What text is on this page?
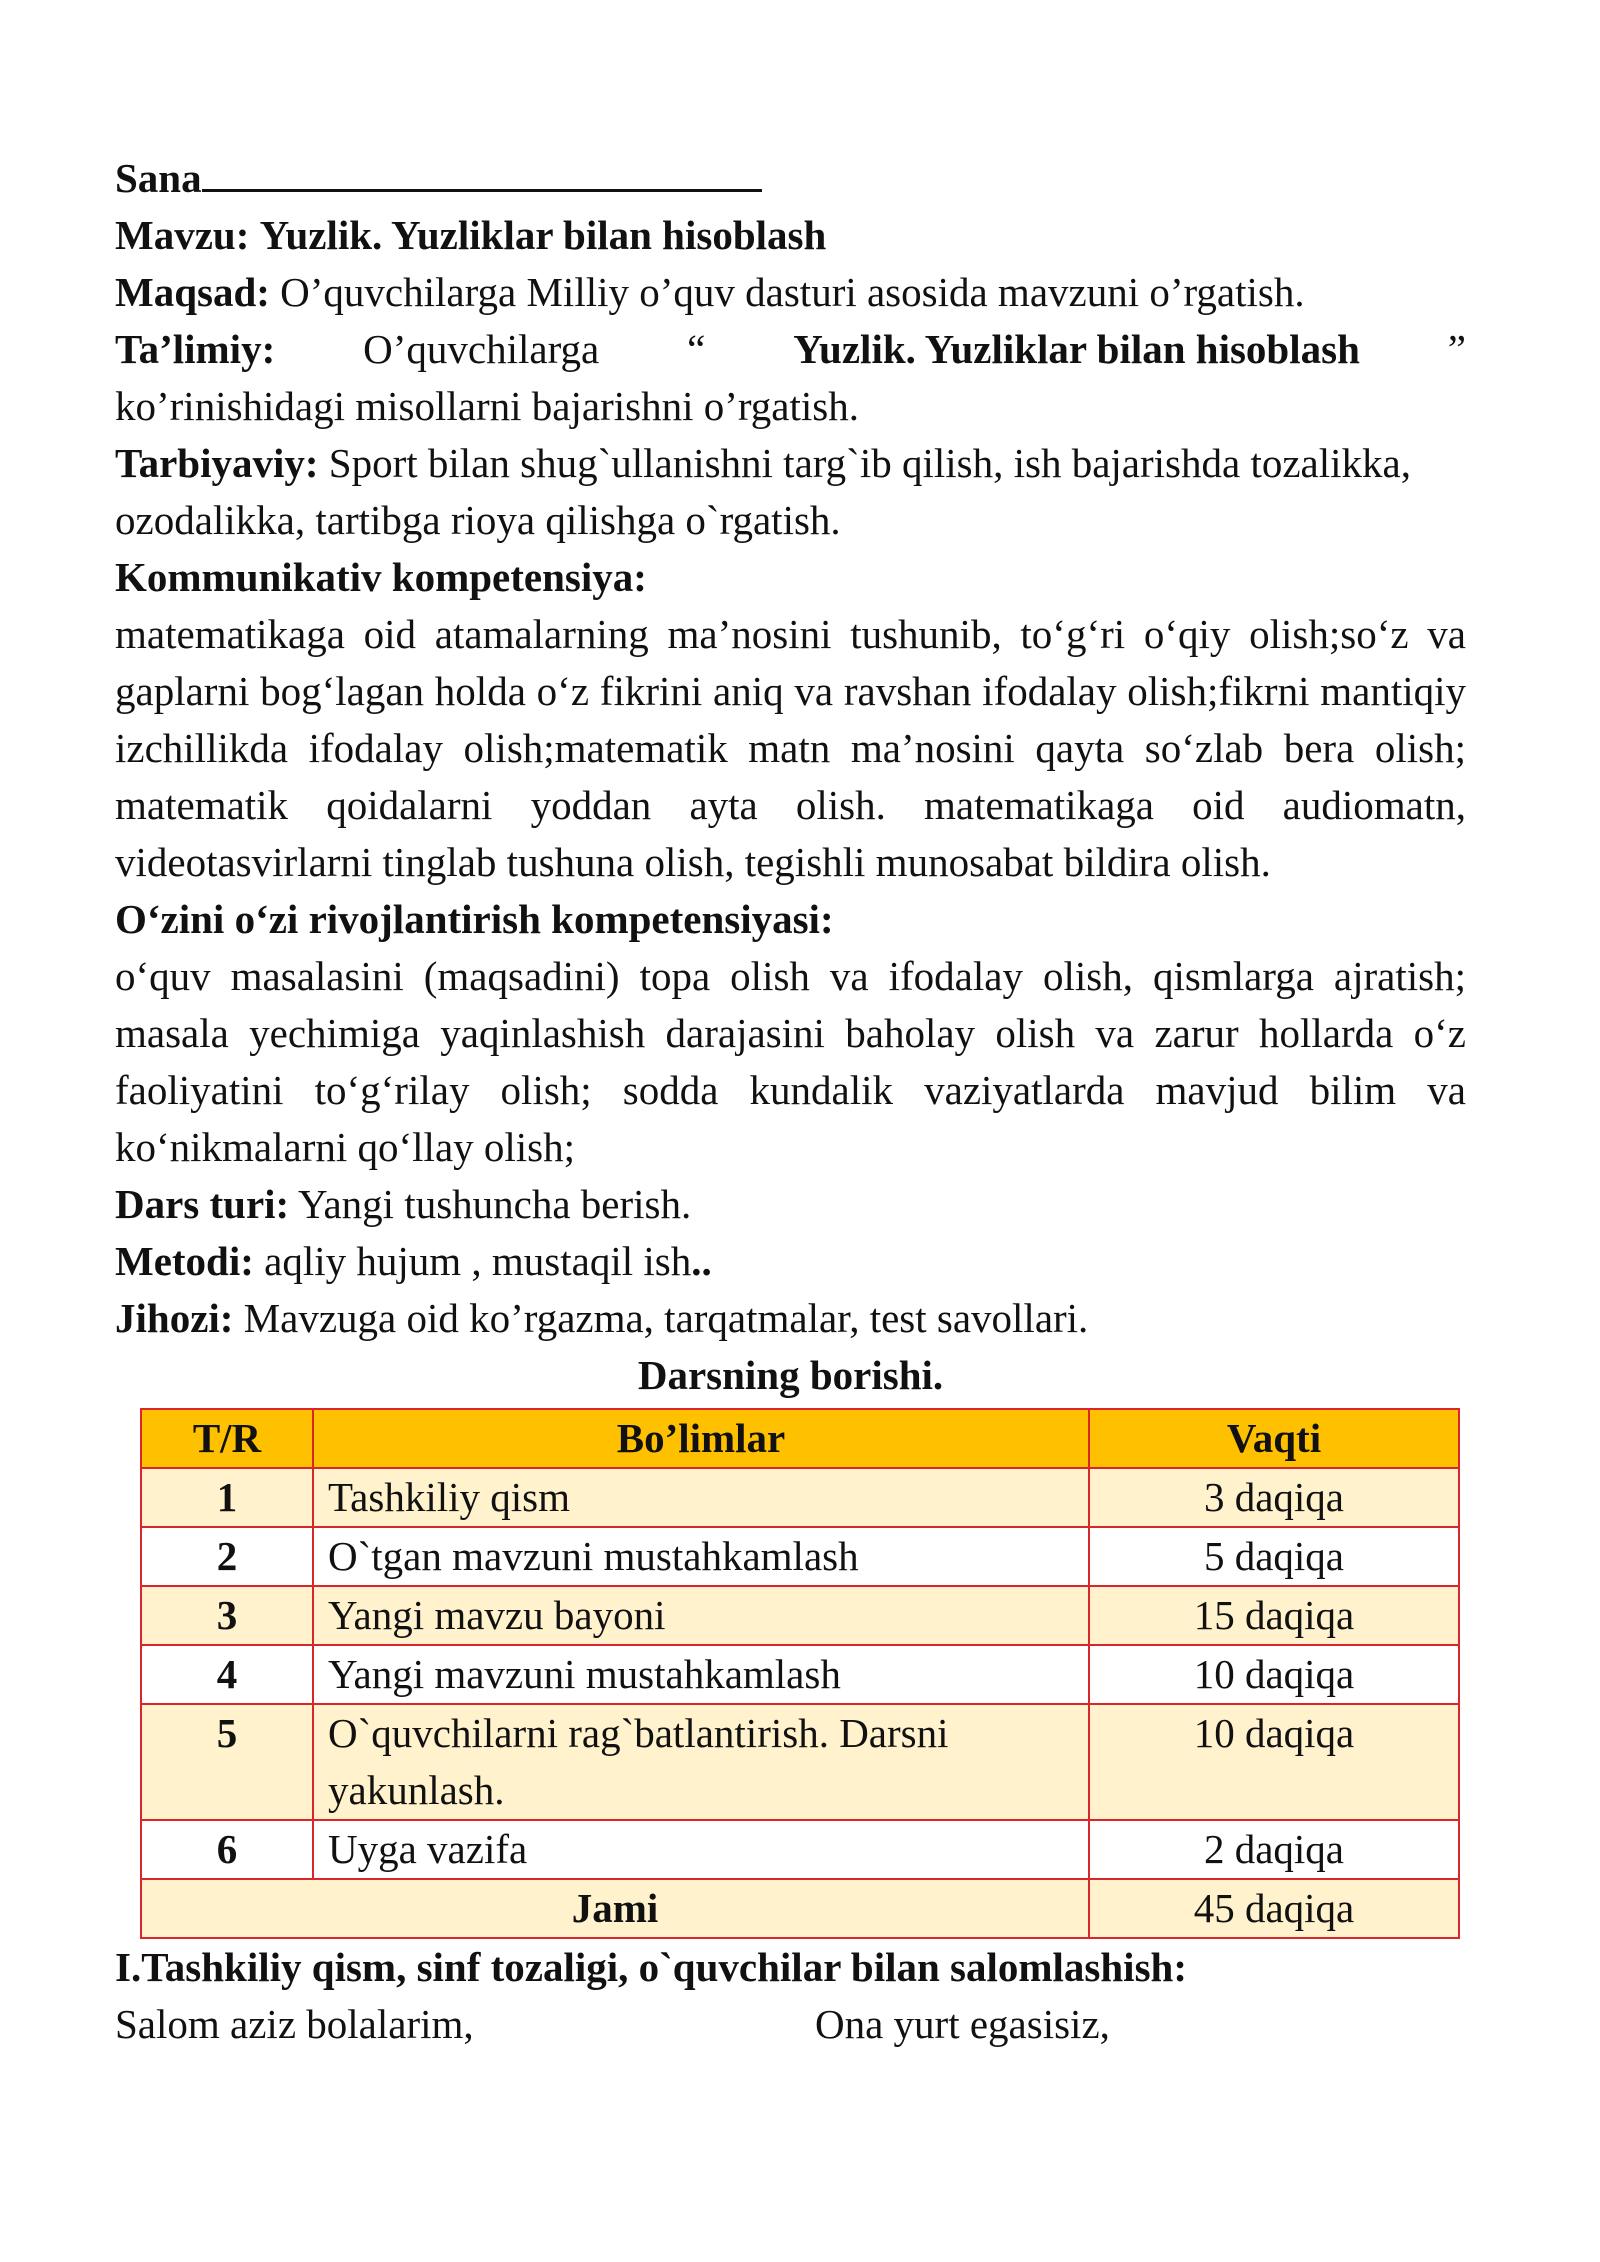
Sana

Mavzu: Yuzlik. Yuzliklar bilan hisoblash

Maqsad: O’quvchilarga Milliy o’quv dasturi asosida mavzuni o’rgatish.

Ta’limiy: O’quvchilarga “ Yuzlik. Yuzliklar bilan hisoblash ”

ko’rinishidagi misollarni bajarishni o’rgatish.

Tarbiyaviy: Sport bilan shug`ullanishni targ`ib qilish, ish bajarishda tozalikka, ozodalikka, tartibga rioya qilishga o`rgatish.

Kommunikativ kompetensiya:

matematikaga oid atamalarning ma’nosini tushunib, to‘g‘ri o‘qiy olish;so‘z va gaplarni bog‘lagan holda o‘z fikrini aniq va ravshan ifodalay olish;fikrni mantiqiy izchillikda ifodalay olish;matematik matn ma’nosini qayta so‘zlab bera olish; matematik qoidalarni yoddan ayta olish. matematikaga oid audiomatn, videotasvirlarni tinglab tushuna olish, tegishli munosabat bildira olish.

O‘zini o‘zi rivojlantirish kompetensiyasi:

o‘quv masalasini (maqsadini) topa olish va ifodalay olish, qismlarga ajratish; masala yechimiga yaqinlashish darajasini baholay olish va zarur hollarda o‘z faoliyatini to‘g‘rilay olish; sodda kundalik vaziyatlarda mavjud bilim va ko‘nikmalarni qo‘llay olish;

Dars turi: Yangi tushuncha berish.

Metodi: aqliy hujum , mustaqil ish..

Jihozi: Mavzuga oid ko’rgazma, tarqatmalar, test savollari.

Darsning borishi.

T/R	Bo’limlar	Vaqti
1	Tashkiliy qism	3 daqiqa
2	O`tgan mavzuni mustahkamlash	5 daqiqa
3	Yangi mavzu bayoni	15 daqiqa
4	Yangi mavzuni mustahkamlash	10 daqiqa
5	O`quvchilarni rag`batlantirish. Darsni yakunlash.	10 daqiqa
6	Uyga vazifa	2 daqiqa
Jami		45 daqiqa

I.Tashkiliy qism, sinf tozaligi, o`quvchilar bilan salomlashish:

Salom aziz bolalarim,	Ona yurt egasisiz,
